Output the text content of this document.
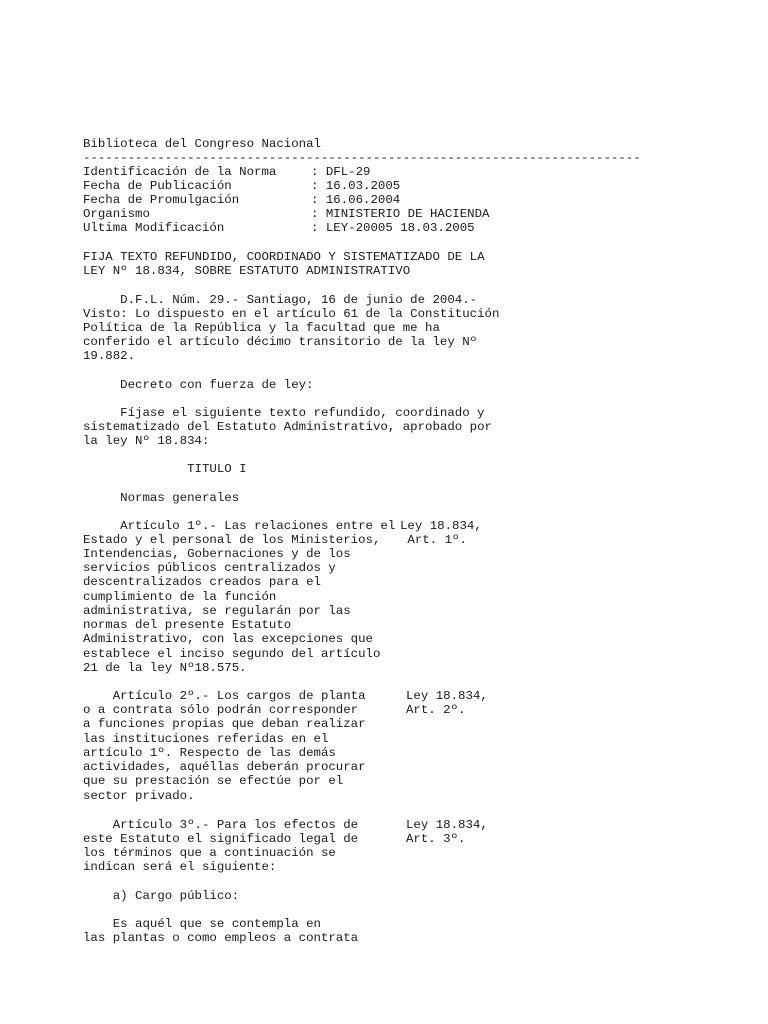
Biblioteca del Congreso Nacional
---------------------------------------------------------------------------
Identificación de la Norma	: DFL-29
Fecha de Publicación	: 16.03.2005
Fecha de Promulgación	: 16.06.2004
Organismo	: MINISTERIO DE HACIENDA
Ultima Modificación	: LEY-20005 18.03.2005
FIJA TEXTO REFUNDIDO, COORDINADO Y SISTEMATIZADO DE LA
LEY Nº 18.834, SOBRE ESTATUTO ADMINISTRATIVO
D.F.L. Núm. 29.- Santiago, 16 de junio de 2004.-
Visto: Lo dispuesto en el artículo 61 de la Constitución
Política de la República y la facultad que me ha
conferido el artículo décimo transitorio de la ley Nº
19.882.
Decreto con fuerza de ley:
Fíjase el siguiente texto refundido, coordinado y
sistematizado del Estatuto Administrativo, aprobado por
la ley Nº 18.834:
TITULO I
Normas generales
Artículo 1º.- Las relaciones entre el
Estado y el personal de los Ministerios,
Intendencias, Gobernaciones y de los
servicios públicos centralizados y
descentralizados creados para el
cumplimiento de la función
administrativa, se regularán por las
normas del presente Estatuto
Administrativo, con las excepciones que
establece el inciso segundo del artículo
21 de la ley Nº18.575.
Ley 18.834,
Art. 1º.
Artículo 2º.- Los cargos de planta
o a contrata sólo podrán corresponder
a funciones propias que deban realizar
las instituciones referidas en el
artículo 1º. Respecto de las demás
actividades, aquéllas deberán procurar
que su prestación se efectúe por el
sector privado.
Ley 18.834,
Art. 2º.
Artículo 3º.- Para los efectos de
este Estatuto el significado legal de
los términos que a continuación se
indican será el siguiente:
Ley 18.834,
Art. 3º.
a) Cargo público:
Es aquél que se contempla en
las plantas o como empleos a contrata
